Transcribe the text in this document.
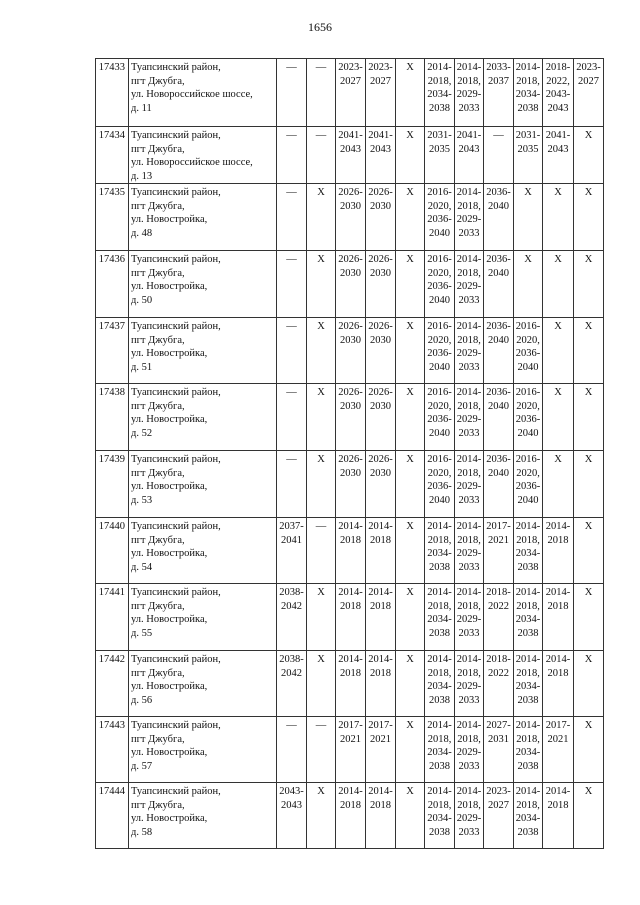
1656
17433	Туапсинский район,
пгт Джубга,
ул. Новороссийское шоссе,
д. 11	—	—	2023-
2027	2023-
2027	X	2014-
2018,
2034-
2038	2014-
2018,
2029-
2033	2033-
2037	2014-
2018,
2034-
2038	2018-
2022,
2043-
2043	2023-
2027

17434	Туапсинский район,
пгт Джубга,
ул. Новороссийское шоссе,
д. 13	—	—	2041-
2043	2041-
2043	X	2031-
2035	2041-
2043	—	2031-
2035	2041-
2043	X

17435	Туапсинский район,
пгт Джубга,
ул. Новостройка,
д. 48	—	X	2026-
2030	2026-
2030	X	2016-
2020,
2036-
2040	2014-
2018,
2029-
2033	2036-
2040	X	X	X

17436	Туапсинский район,
пгт Джубга,
ул. Новостройка,
д. 50	—	X	2026-
2030	2026-
2030	X	2016-
2020,
2036-
2040	2014-
2018,
2029-
2033	2036-
2040	X	X	X

17437	Туапсинский район,
пгт Джубга,
ул. Новостройка,
д. 51	—	X	2026-
2030	2026-
2030	X	2016-
2020,
2036-
2040	2014-
2018,
2029-
2033	2036-
2040	2016-
2020,
2036-
2040	X	X

17438	Туапсинский район,
пгт Джубга,
ул. Новостройка,
д. 52	—	X	2026-
2030	2026-
2030	X	2016-
2020,
2036-
2040	2014-
2018,
2029-
2033	2036-
2040	2016-
2020,
2036-
2040	X	X

17439	Туапсинский район,
пгт Джубга,
ул. Новостройка,
д. 53	—	X	2026-
2030	2026-
2030	X	2016-
2020,
2036-
2040	2014-
2018,
2029-
2033	2036-
2040	2016-
2020,
2036-
2040	X	X

17440	Туапсинский район,
пгт Джубга,
ул. Новостройка,
д. 54	2037-
2041	—	2014-
2018	2014-
2018	X	2014-
2018,
2034-
2038	2014-
2018,
2029-
2033	2017-
2021	2014-
2018,
2034-
2038	2014-
2018	X

17441	Туапсинский район,
пгт Джубга,
ул. Новостройка,
д. 55	2038-
2042	X	2014-
2018	2014-
2018	X	2014-
2018,
2034-
2038	2014-
2018,
2029-
2033	2018-
2022	2014-
2018,
2034-
2038	2014-
2018	X

17442	Туапсинский район,
пгт Джубга,
ул. Новостройка,
д. 56	2038-
2042	X	2014-
2018	2014-
2018	X	2014-
2018,
2034-
2038	2014-
2018,
2029-
2033	2018-
2022	2014-
2018,
2034-
2038	2014-
2018	X

17443	Туапсинский район,
пгт Джубга,
ул. Новостройка,
д. 57	—	—	2017-
2021	2017-
2021	X	2014-
2018,
2034-
2038	2014-
2018,
2029-
2033	2027-
2031	2014-
2018,
2034-
2038	2017-
2021	X

17444	Туапсинский район,
пгт Джубга,
ул. Новостройка,
д. 58	2043-
2043	X	2014-
2018	2014-
2018	X	2014-
2018,
2034-
2038	2014-
2018,
2029-
2033	2023-
2027	2014-
2018,
2034-
2038	2014-
2018	X
